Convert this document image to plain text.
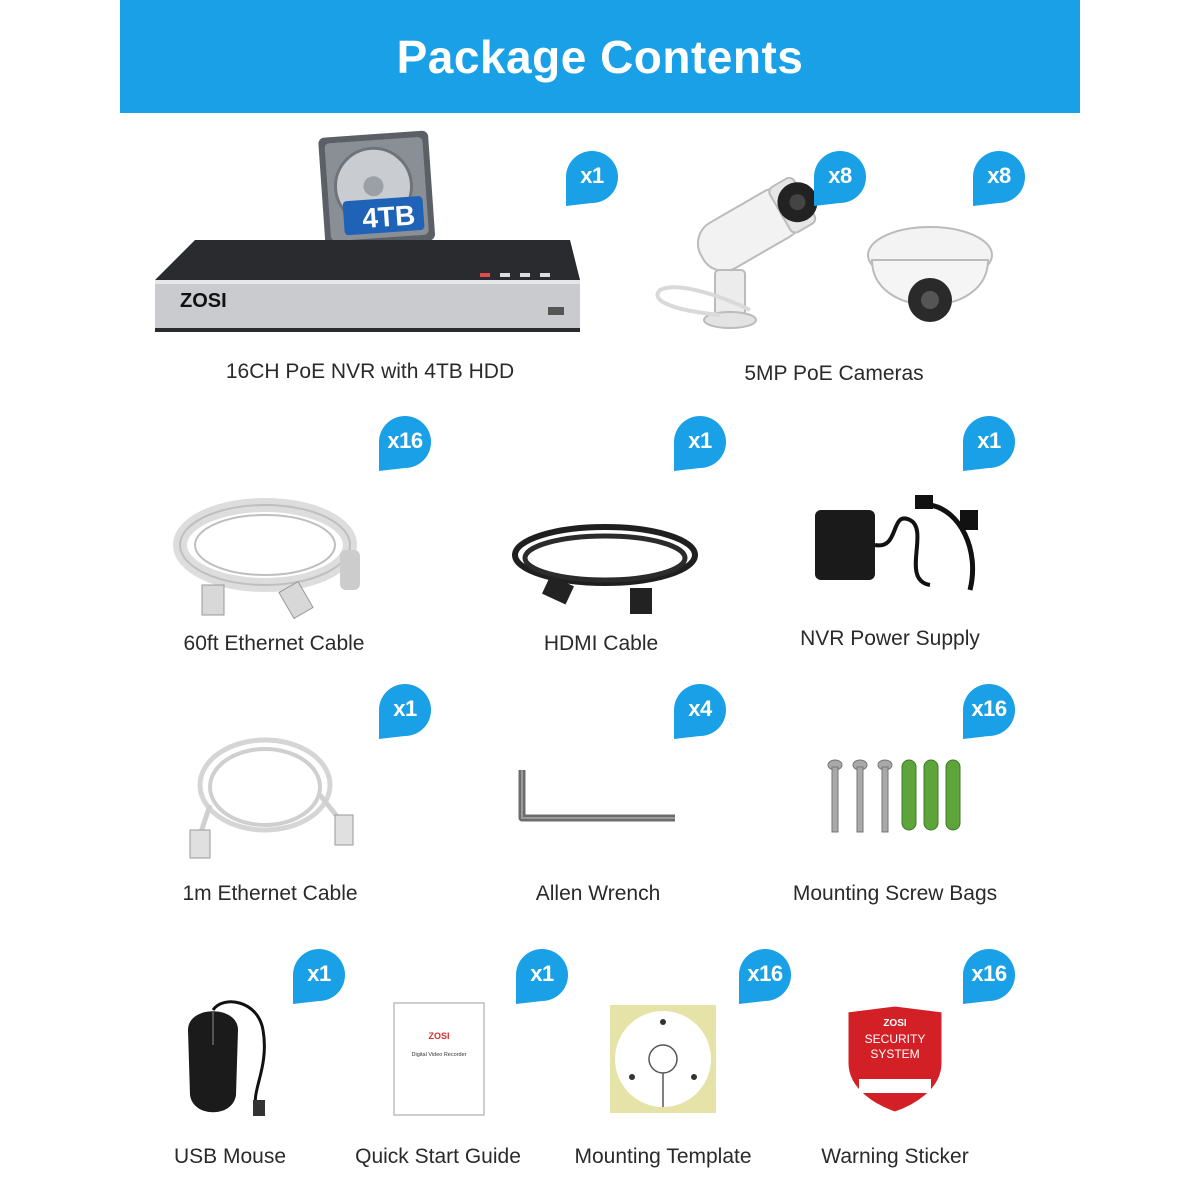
Package Contents
4TB
ZOSI
x1
16CH PoE NVR with 4TB HDD
x8	x8
5MP PoE Cameras
x16
60ft Ethernet Cable
x1
HDMI Cable
x1
NVR Power Supply
x1
1m Ethernet Cable
x4
Allen Wrench
x16
Mounting Screw Bags
x1
USB Mouse
ZOSI
Digital Video Recorder
x1
Quick Start Guide
x16
Mounting Template
ZOSI
SECURITY
SYSTEM
x16
Warning Sticker
